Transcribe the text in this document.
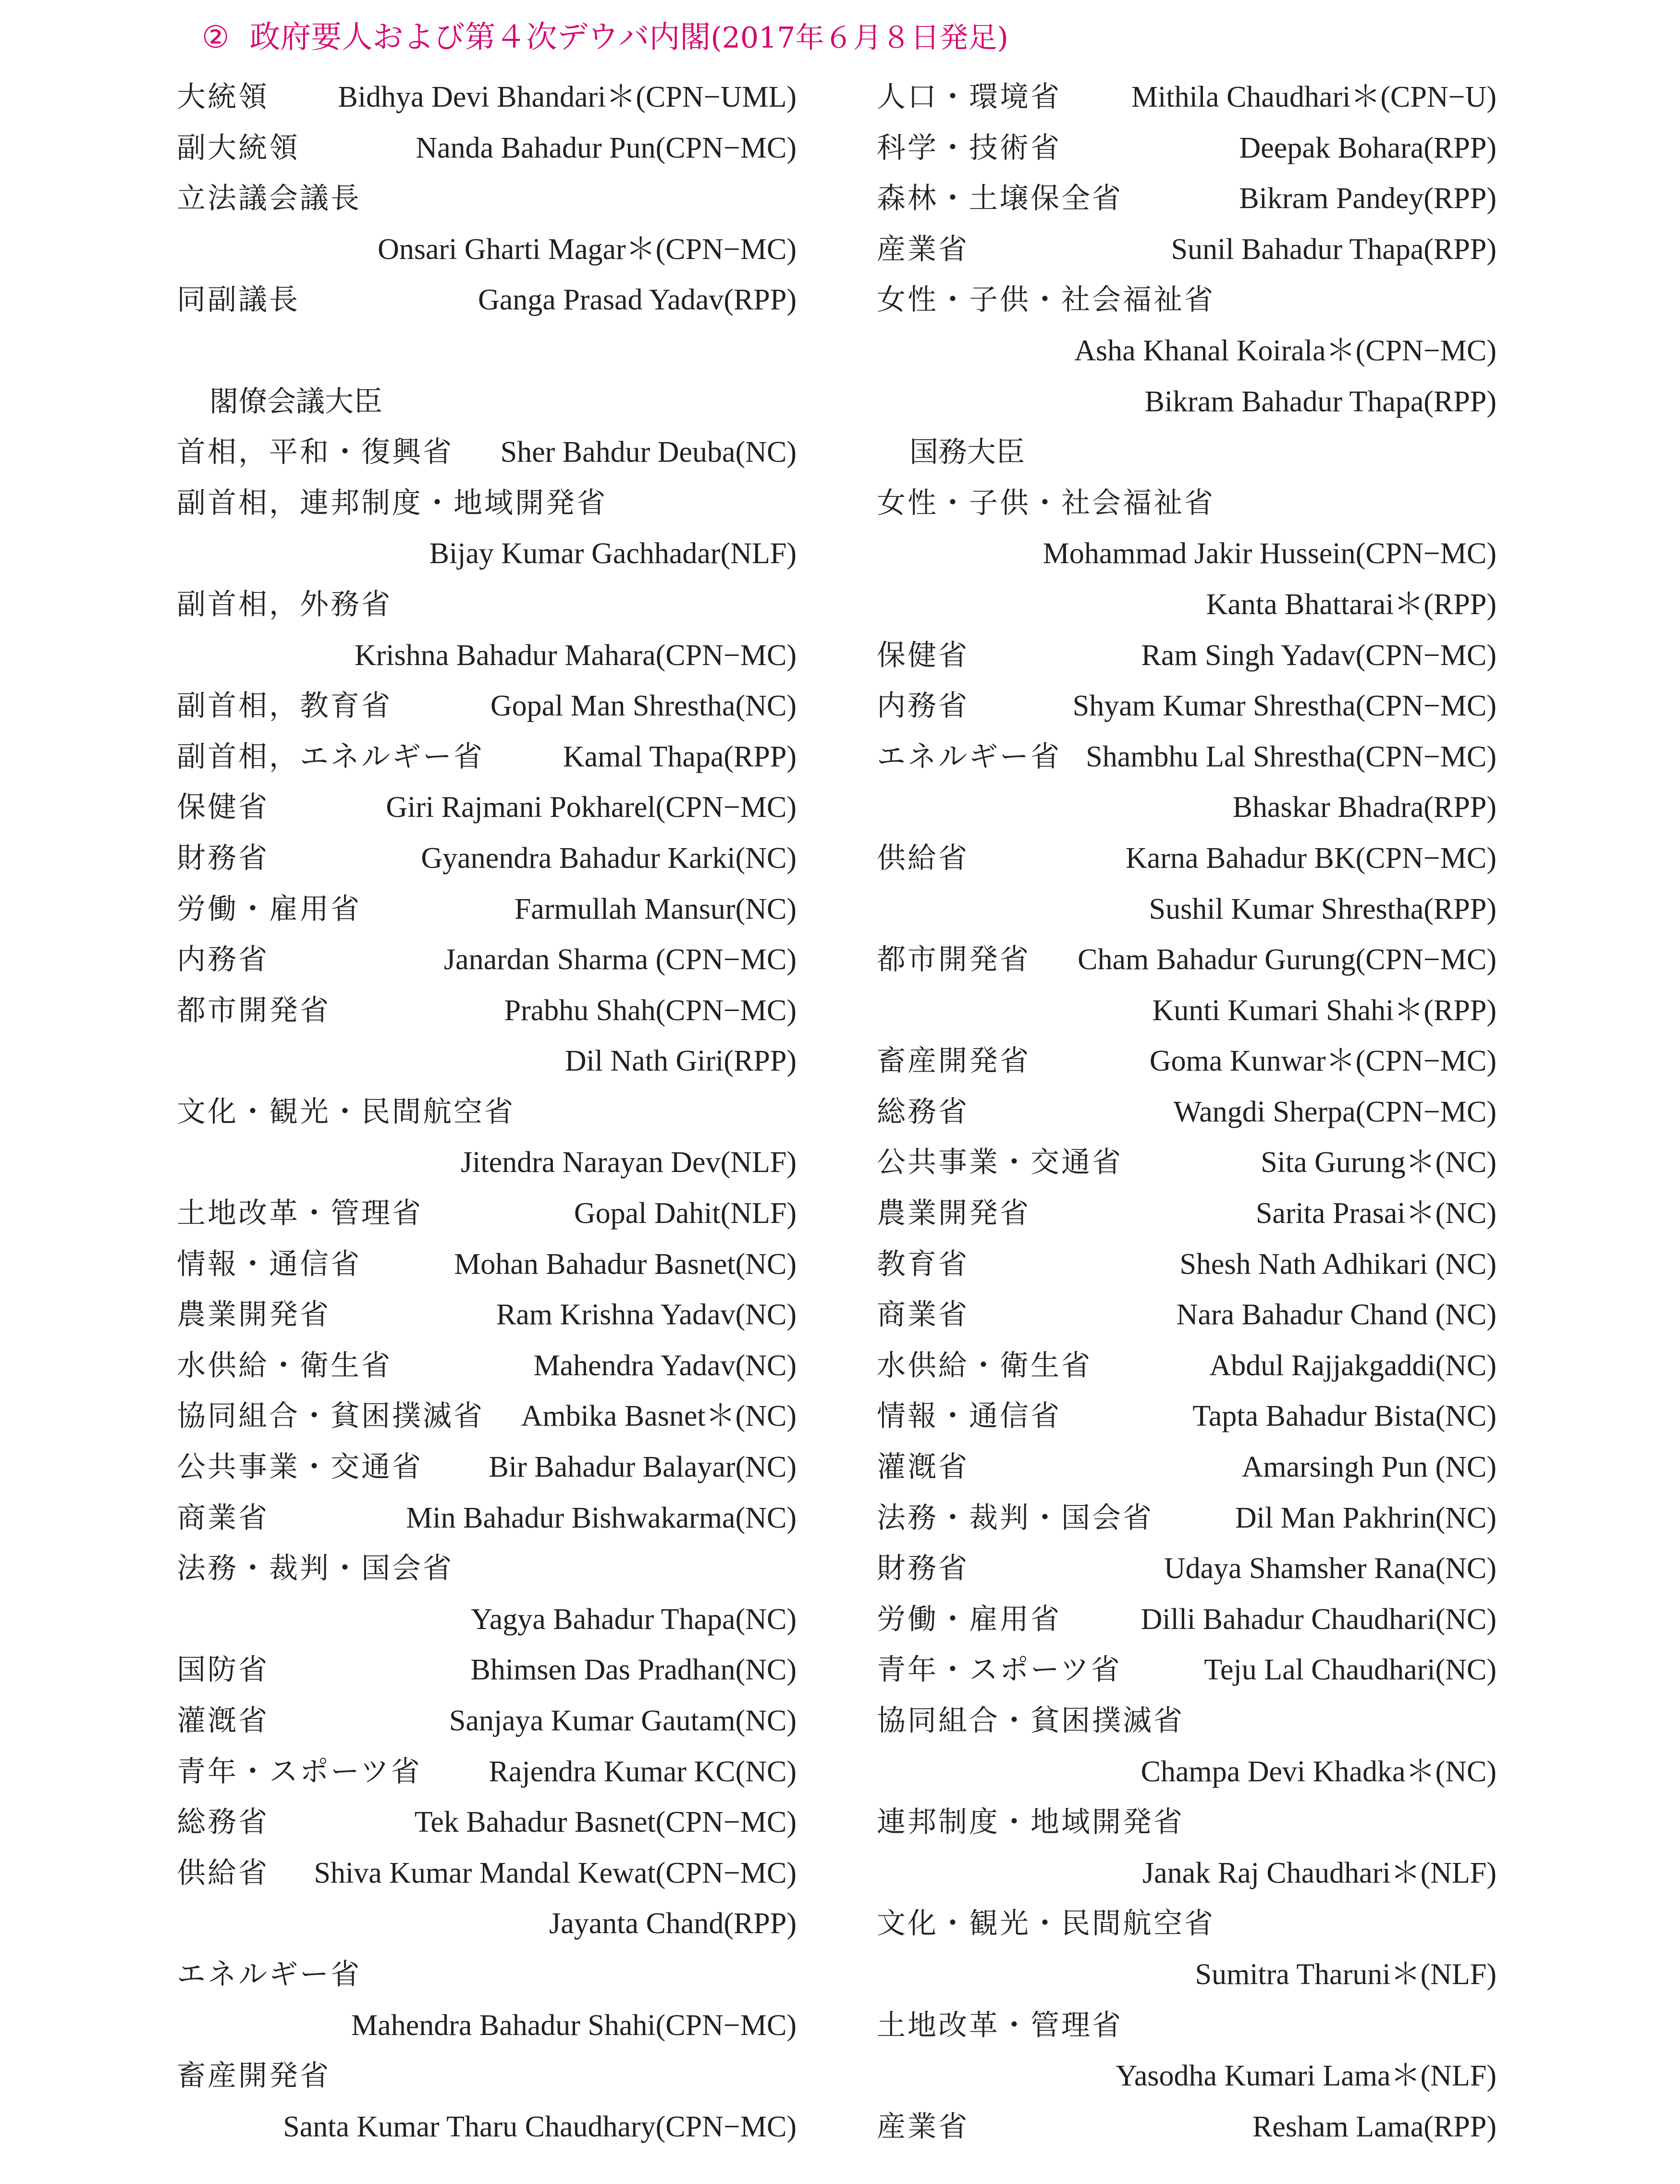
② 政府要人および第４次デウバ内閣(2017年６月８日発足)
大統領 Bidhya Devi Bhandari＊(CPN−UML)
副大統領	Nanda Bahadur Pun(CPN−MC)
立法議会議長
Onsari Gharti Magar＊(CPN−MC)
同副議長	Ganga Prasad Yadav(RPP)
閣僚会議大臣
首相，平和・復興省 Sher Bahdur Deuba(NC)
副首相，連邦制度・地域開発省
Bijay Kumar Gachhadar(NLF)
副首相，外務省
Krishna Bahadur Mahara(CPN−MC)
副首相，教育省	Gopal Man Shrestha(NC)
副首相，エネルギー省	Kamal Thapa(RPP)
保健省	Giri Rajmani Pokharel(CPN−MC)
財務省	Gyanendra Bahadur Karki(NC)
労働・雇用省	Farmullah Mansur(NC)
内務省	Janardan Sharma (CPN−MC)
都市開発省	Prabhu Shah(CPN−MC)
Dil Nath Giri(RPP)
文化・観光・民間航空省
Jitendra Narayan Dev(NLF)
土地改革・管理省	Gopal Dahit(NLF)
情報・通信省	Mohan Bahadur Basnet(NC)
農業開発省	Ram Krishna Yadav(NC)
水供給・衛生省	Mahendra Yadav(NC)
協同組合・貧困撲滅省 Ambika Basnet＊(NC)
公共事業・交通省 Bir Bahadur Balayar(NC)
商業省	Min Bahadur Bishwakarma(NC)
法務・裁判・国会省
Yagya Bahadur Thapa(NC)
国防省	Bhimsen Das Pradhan(NC)
灌漑省	Sanjaya Kumar Gautam(NC)
青年・スポーツ省 Rajendra Kumar KC(NC)
総務省	Tek Bahadur Basnet(CPN−MC)
供給省 Shiva Kumar Mandal Kewat(CPN−MC)
Jayanta Chand(RPP)
エネルギー省
Mahendra Bahadur Shahi(CPN−MC)
畜産開発省
Santa Kumar Tharu Chaudhary(CPN−MC)
人口・環境省 Mithila Chaudhari＊(CPN−U)
科学・技術省	Deepak Bohara(RPP)
森林・土壌保全省	Bikram Pandey(RPP)
産業省	Sunil Bahadur Thapa(RPP)
女性・子供・社会福祉省
Asha Khanal Koirala＊(CPN−MC)
Bikram Bahadur Thapa(RPP)
国務大臣
女性・子供・社会福祉省
Mohammad Jakir Hussein(CPN−MC)
Kanta Bhattarai＊(RPP)
保健省	Ram Singh Yadav(CPN−MC)
内務省	Shyam Kumar Shrestha(CPN−MC)
エネルギー省 Shambhu Lal Shrestha(CPN−MC)
Bhaskar Bhadra(RPP)
供給省	Karna Bahadur BK(CPN−MC)
Sushil Kumar Shrestha(RPP)
都市開発省 Cham Bahadur Gurung(CPN−MC)
Kunti Kumari Shahi＊(RPP)
畜産開発省	Goma Kunwar＊(CPN−MC)
総務省	Wangdi Sherpa(CPN−MC)
公共事業・交通省	Sita Gurung＊(NC)
農業開発省	Sarita Prasai＊(NC)
教育省	Shesh Nath Adhikari (NC)
商業省	Nara Bahadur Chand (NC)
水供給・衛生省	Abdul Rajjakgaddi(NC)
情報・通信省	Tapta Bahadur Bista(NC)
灌漑省	Amarsingh Pun (NC)
法務・裁判・国会省	Dil Man Pakhrin(NC)
財務省	Udaya Shamsher Rana(NC)
労働・雇用省	Dilli Bahadur Chaudhari(NC)
青年・スポーツ省	Teju Lal Chaudhari(NC)
協同組合・貧困撲滅省
Champa Devi Khadka＊(NC)
連邦制度・地域開発省
Janak Raj Chaudhari＊(NLF)
文化・観光・民間航空省
Sumitra Tharuni＊(NLF)
土地改革・管理省
Yasodha Kumari Lama＊(NLF)
産業省	Resham Lama(RPP)
